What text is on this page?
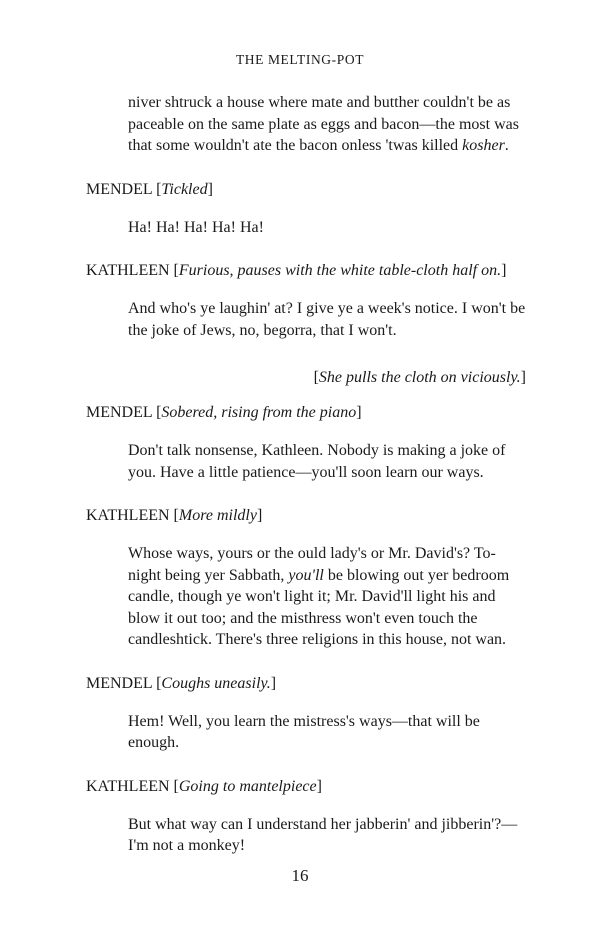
THE MELTING-POT

niver shtruck a house where mate and butther couldn't be as paceable on the same plate as eggs and bacon—the most was that some wouldn't ate the bacon onless 'twas killed kosher.

MENDEL [Tickled]

Ha! Ha! Ha! Ha! Ha!

KATHLEEN [Furious, pauses with the white table-cloth half on.]

And who's ye laughin' at? I give ye a week's notice. I won't be the joke of Jews, no, begorra, that I won't.

[She pulls the cloth on viciously.]

MENDEL [Sobered, rising from the piano]

Don't talk nonsense, Kathleen. Nobody is making a joke of you. Have a little patience—you'll soon learn our ways.

KATHLEEN [More mildly]

Whose ways, yours or the ould lady's or Mr. David's? To-night being yer Sabbath, you'll be blowing out yer bedroom candle, though ye won't light it; Mr. David'll light his and blow it out too; and the misthress won't even touch the candleshtick. There's three religions in this house, not wan.

MENDEL [Coughs uneasily.]

Hem! Well, you learn the mistress's ways—that will be enough.

KATHLEEN [Going to mantelpiece]

But what way can I understand her jabberin' and jibberin'?—I'm not a monkey!

16
